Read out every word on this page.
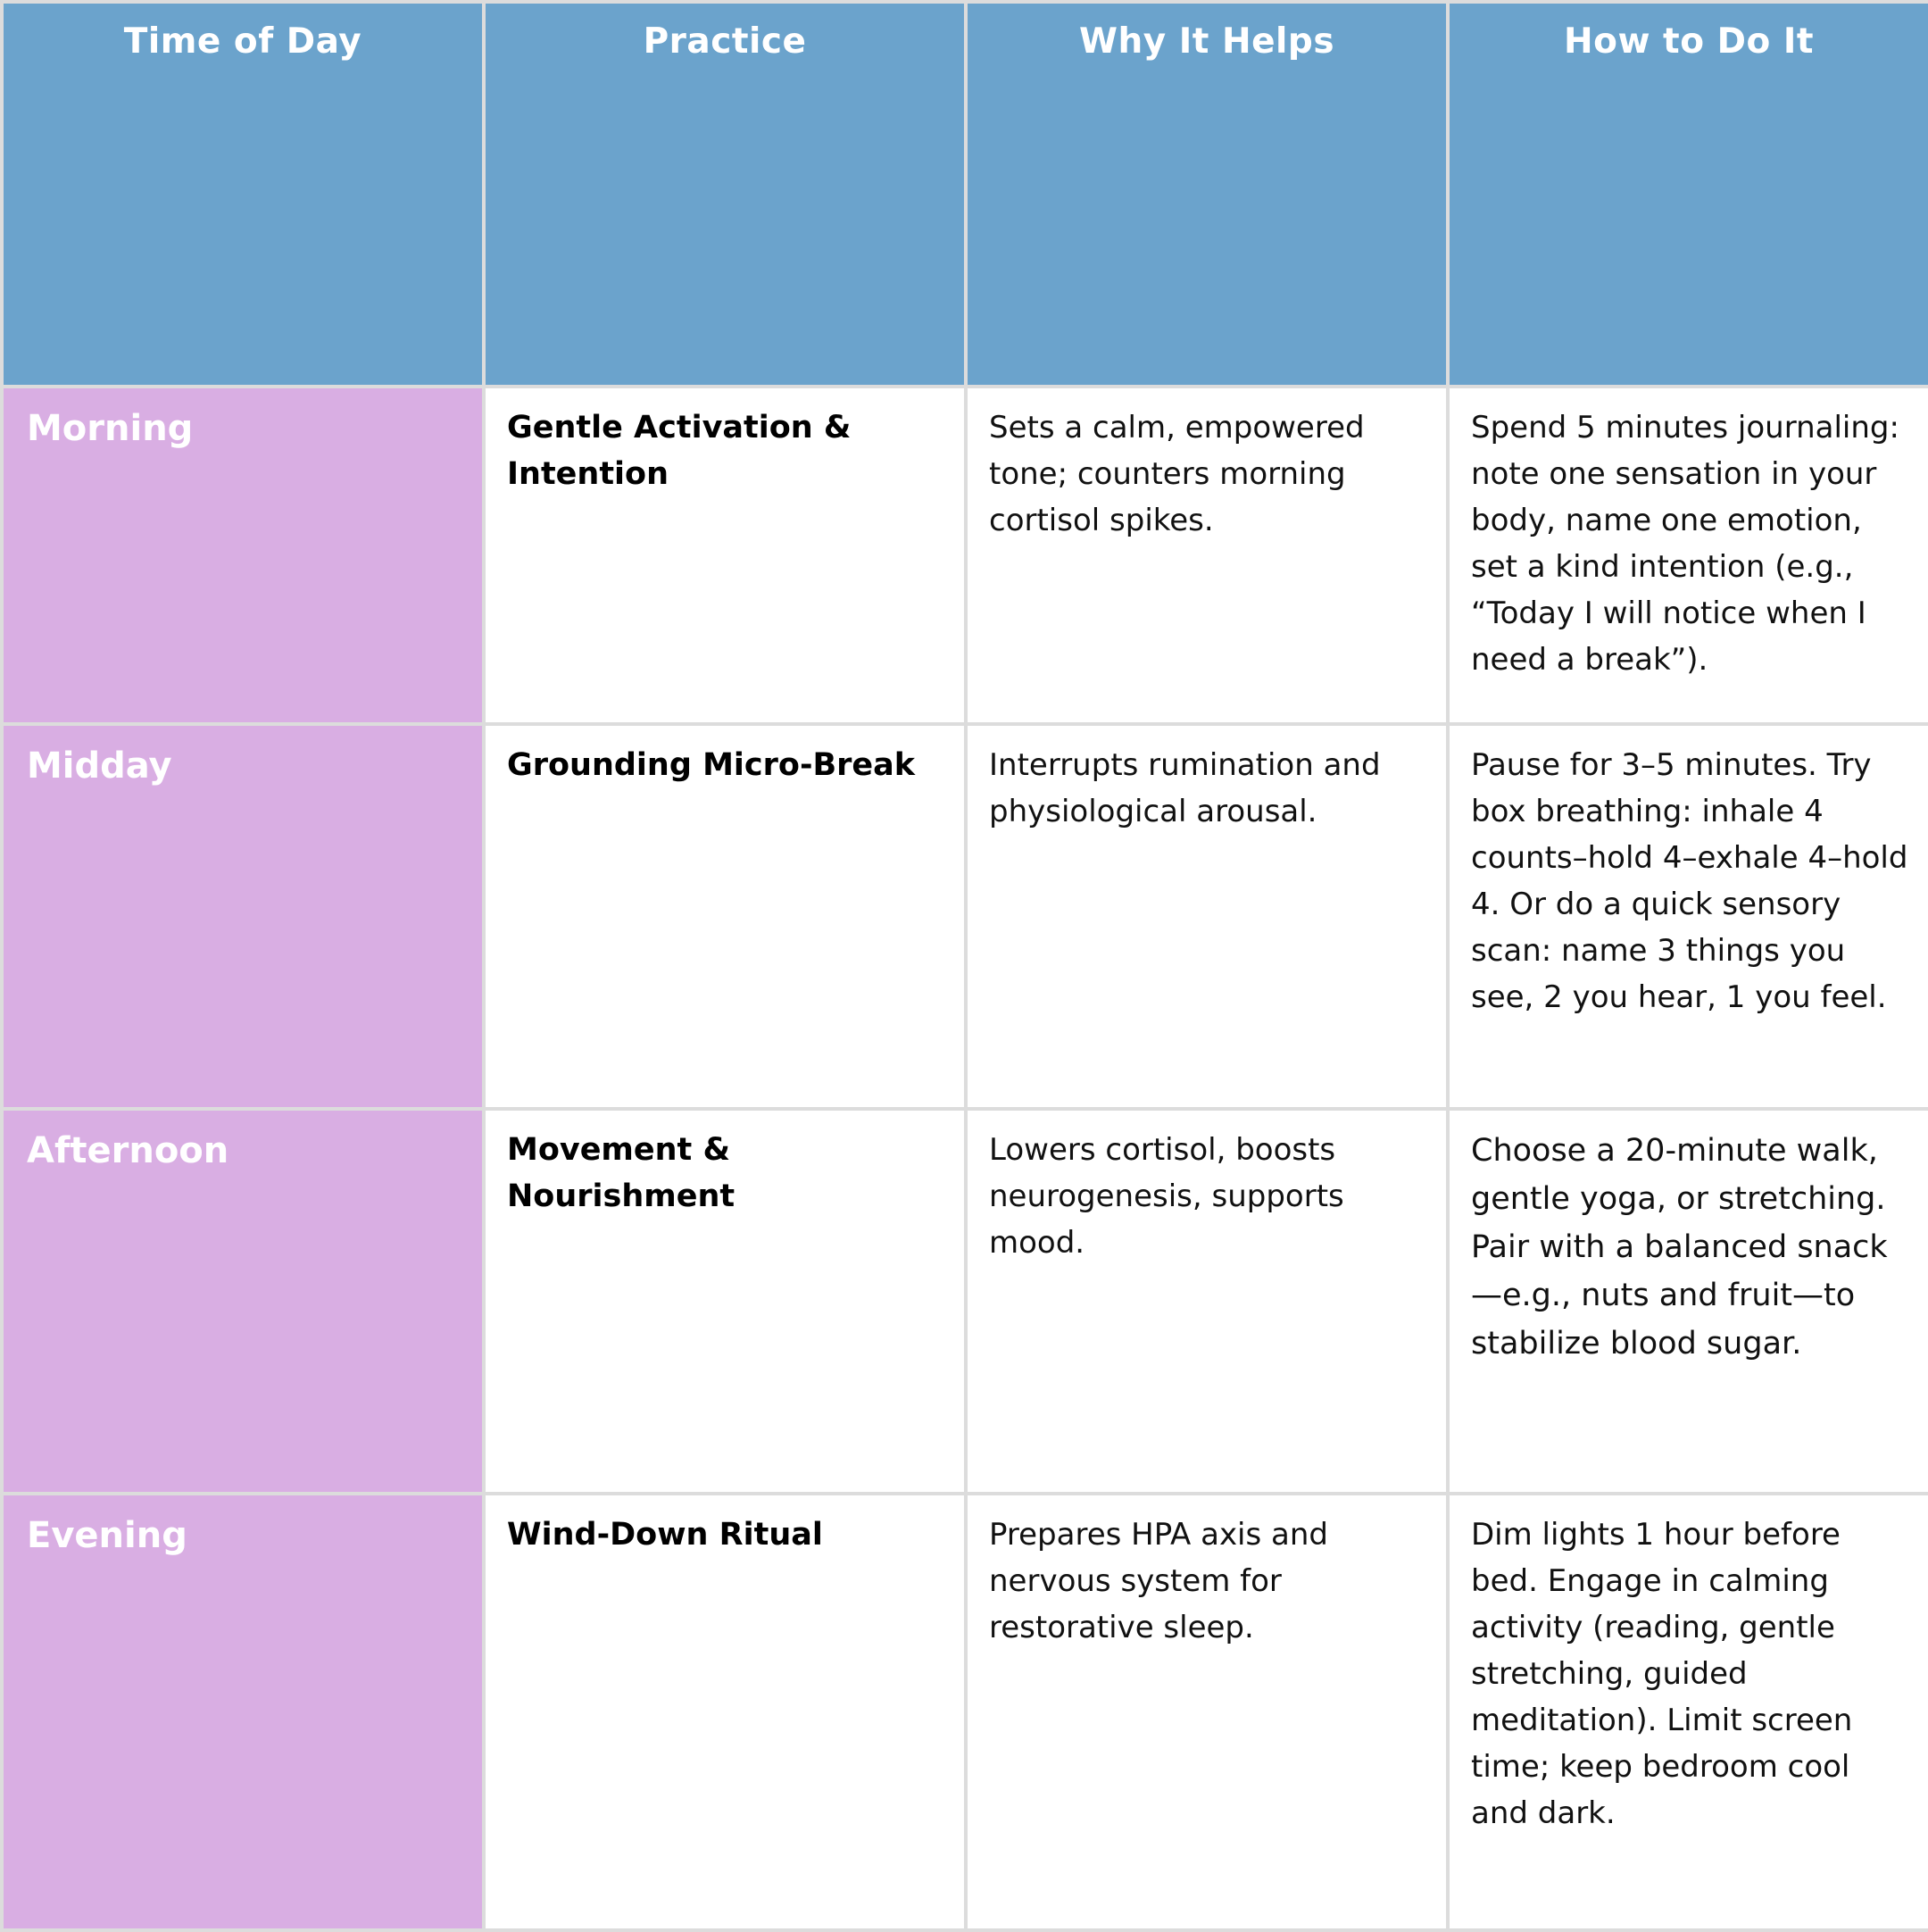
Time of Day	Practice	Why It Helps	How to Do It
Morning	Gentle Activation & Intention	Sets a calm, empowered tone; counters morning cortisol spikes.	Spend 5 minutes journaling: note one sensation in your body, name one emotion, set a kind intention (e.g., “Today I will notice when I need a break”).
Midday	Grounding Micro-Break	Interrupts rumination and physiological arousal.	Pause for 3–5 minutes. Try box breathing: inhale 4 counts–hold 4–exhale 4–hold 4. Or do a quick sensory scan: name 3 things you see, 2 you hear, 1 you feel.
Afternoon	Movement & Nourishment	Lowers cortisol, boosts neurogenesis, supports mood.	Choose a 20-minute walk, gentle yoga, or stretching. Pair with a balanced snack—e.g., nuts and fruit—to stabilize blood sugar.
Evening	Wind-Down Ritual	Prepares HPA axis and nervous system for restorative sleep.	Dim lights 1 hour before bed. Engage in calming activity (reading, gentle stretching, guided meditation). Limit screen time; keep bedroom cool and dark.
